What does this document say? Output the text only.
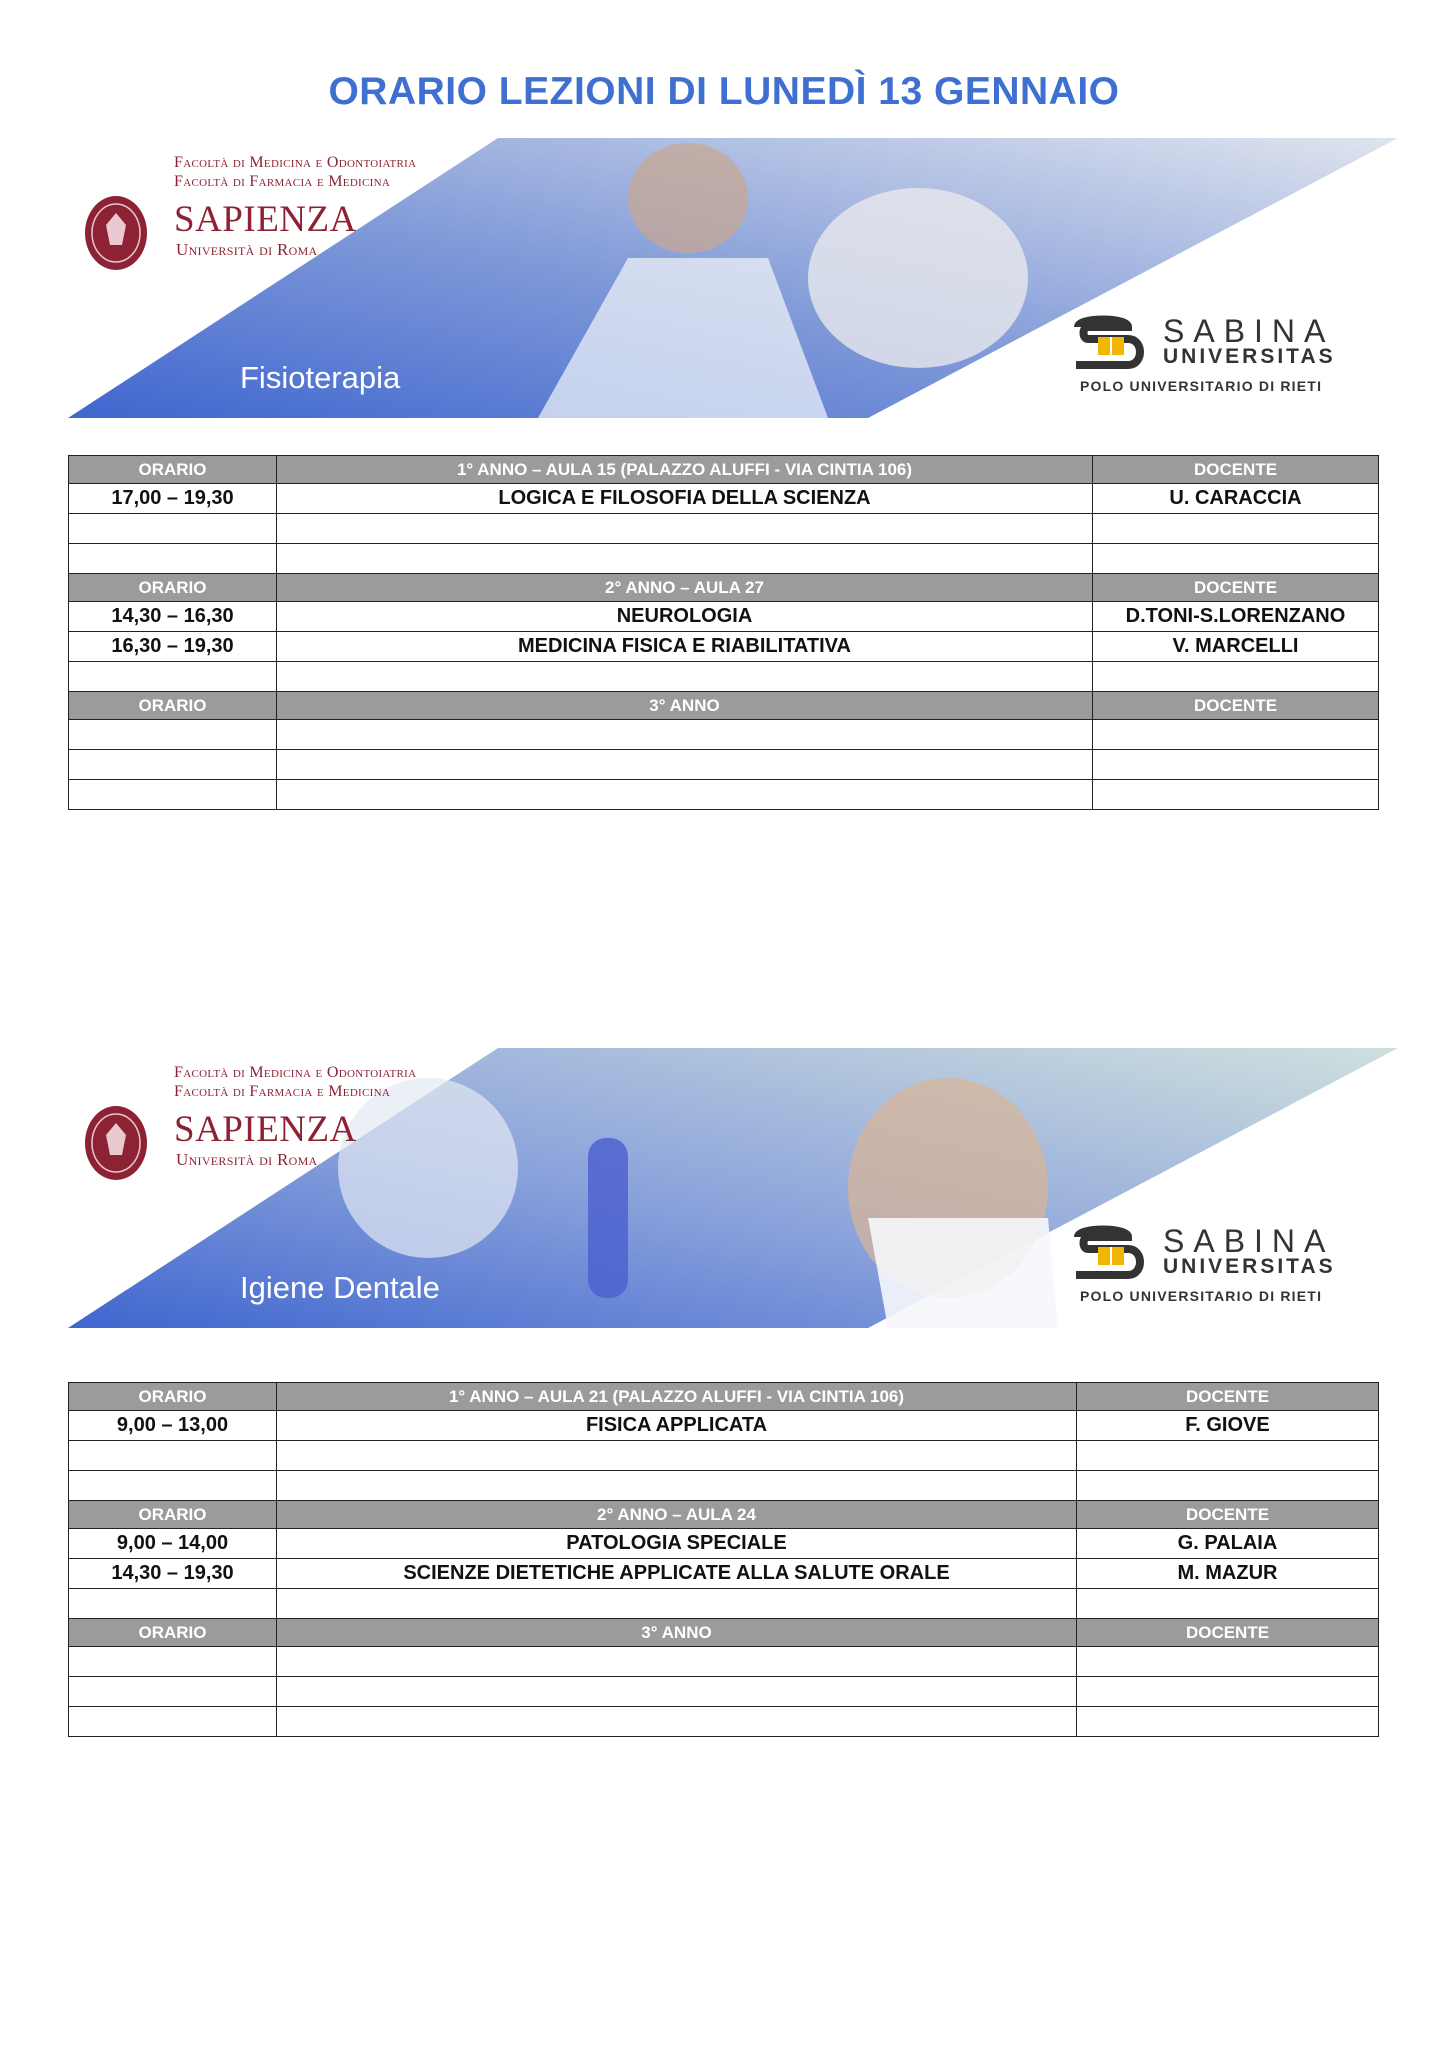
ORARIO LEZIONI DI LUNEDÌ 13 GENNAIO
Facoltà di Medicina e Odontoiatria
Facoltà di Farmacia e Medicina
SAPIENZA
Università di Roma
Fisioterapia
SABINA
UNIVERSITAS
POLO UNIVERSITARIO DI RIETI
ORARIO	1° ANNO – AULA 15 (PALAZZO ALUFFI - VIA CINTIA 106)	DOCENTE
17,00 – 19,30	LOGICA E FILOSOFIA DELLA SCIENZA	U. CARACCIA

ORARIO	2° ANNO – AULA 27	DOCENTE
14,30 – 16,30	NEUROLOGIA	D.TONI-S.LORENZANO
16,30 – 19,30	MEDICINA FISICA E RIABILITATIVA	V. MARCELLI

ORARIO	3° ANNO	DOCENTE

Facoltà di Medicina e Odontoiatria
Facoltà di Farmacia e Medicina
SAPIENZA
Università di Roma
Igiene Dentale
SABINA
UNIVERSITAS
POLO UNIVERSITARIO DI RIETI
ORARIO	1° ANNO – AULA 21 (PALAZZO ALUFFI - VIA CINTIA 106)	DOCENTE
9,00 – 13,00	FISICA APPLICATA	F. GIOVE

ORARIO	2° ANNO – AULA 24	DOCENTE
9,00 – 14,00	PATOLOGIA SPECIALE	G. PALAIA
14,30 – 19,30	SCIENZE DIETETICHE APPLICATE ALLA SALUTE ORALE	M. MAZUR

ORARIO	3° ANNO	DOCENTE
